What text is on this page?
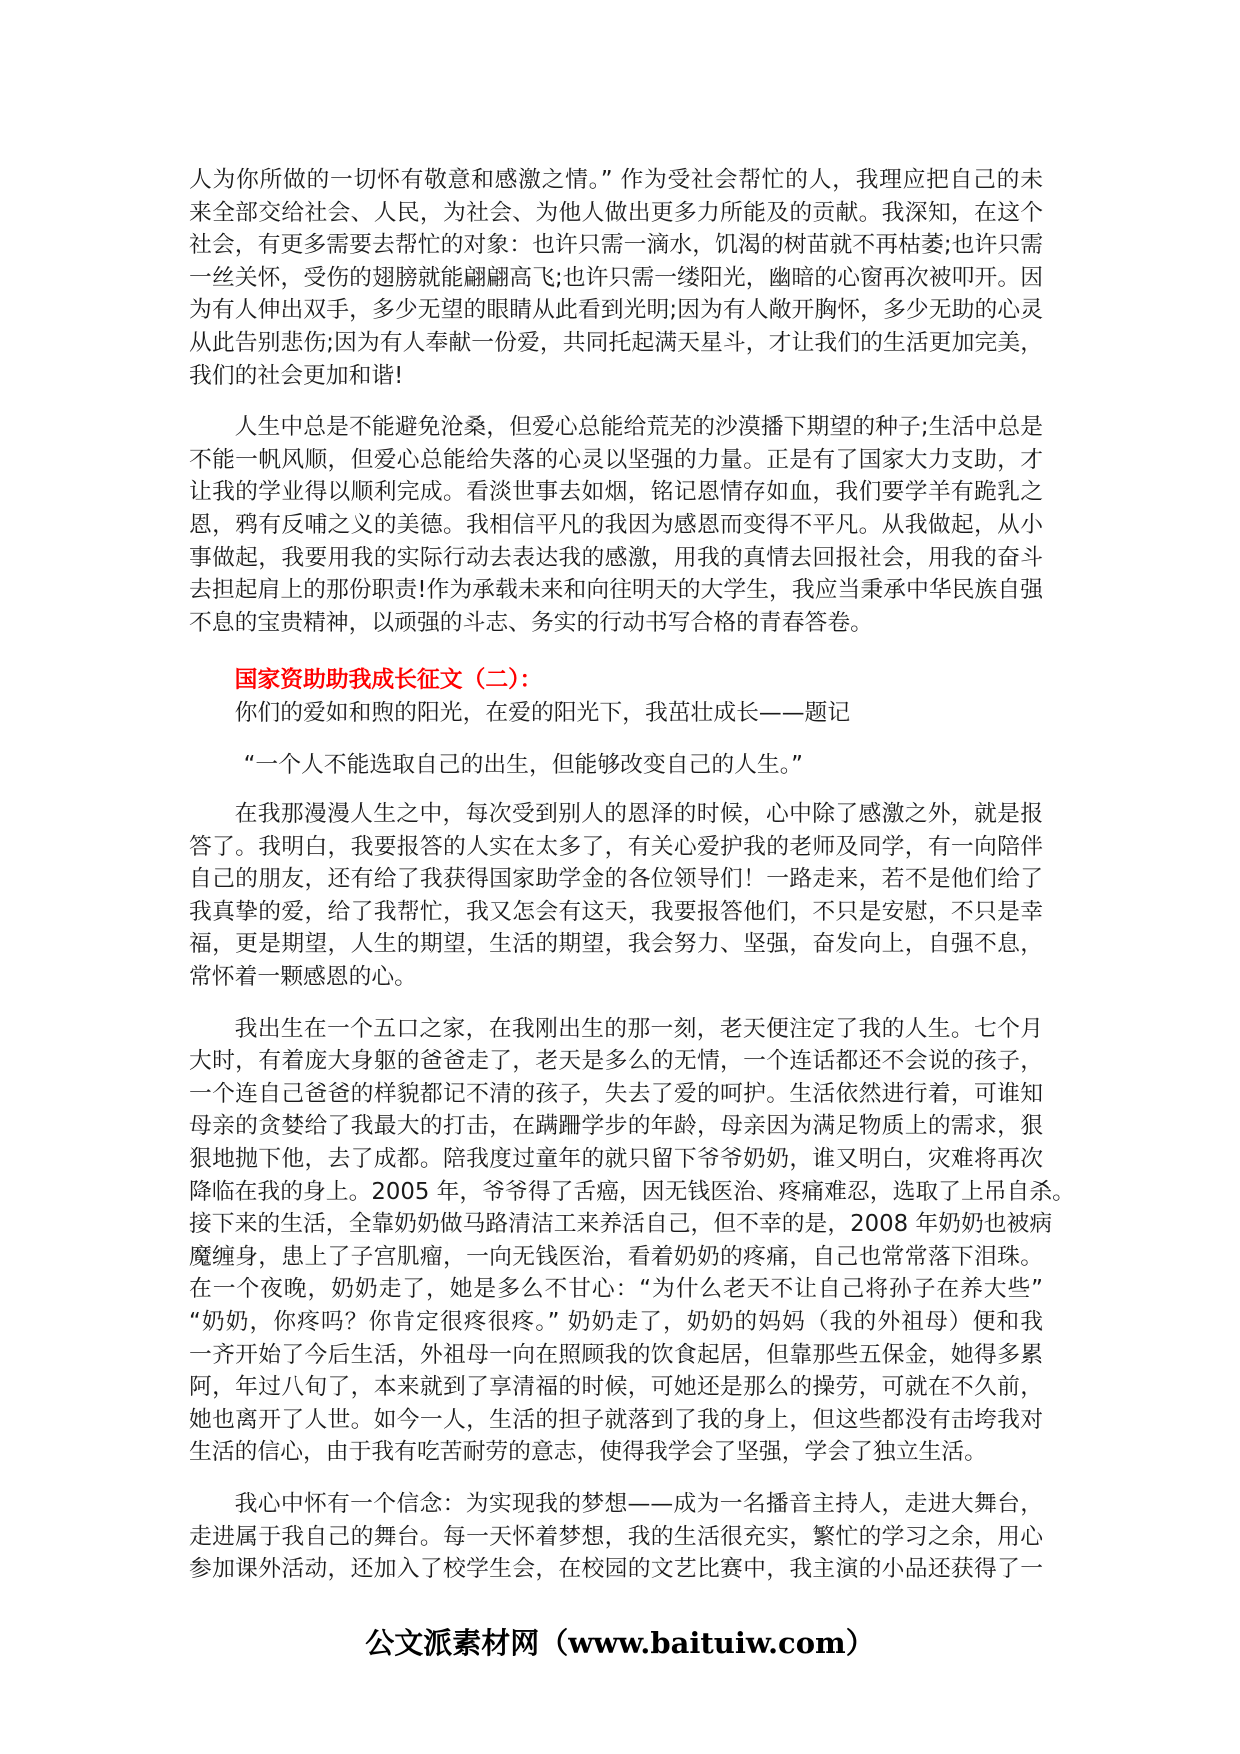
人为你所做的一切怀有敬意和感激之情。” 作为受社会帮忙的人，我理应把自己的未
来全部交给社会、人民，为社会、为他人做出更多力所能及的贡献。我深知，在这个
社会，有更多需要去帮忙的对象：也许只需一滴水，饥渴的树苗就不再枯萎;也许只需
一丝关怀，受伤的翅膀就能翩翩高飞;也许只需一缕阳光，幽暗的心窗再次被叩开。因
为有人伸出双手，多少无望的眼睛从此看到光明;因为有人敞开胸怀，多少无助的心灵
从此告别悲伤;因为有人奉献一份爱，共同托起满天星斗，才让我们的生活更加完美，
我们的社会更加和谐!
人生中总是不能避免沧桑，但爱心总能给荒芜的沙漠播下期望的种子;生活中总是
不能一帆风顺，但爱心总能给失落的心灵以坚强的力量。正是有了国家大力支助，才
让我的学业得以顺利完成。看淡世事去如烟，铭记恩情存如血，我们要学羊有跪乳之
恩，鸦有反哺之义的美德。我相信平凡的我因为感恩而变得不平凡。从我做起，从小
事做起，我要用我的实际行动去表达我的感激，用我的真情去回报社会，用我的奋斗
去担起肩上的那份职责!作为承载未来和向往明天的大学生，我应当秉承中华民族自强
不息的宝贵精神，以顽强的斗志、务实的行动书写合格的青春答卷。
国家资助助我成长征文（二）：
你们的爱如和煦的阳光，在爱的阳光下，我茁壮成长——题记
“一个人不能选取自己的出生，但能够改变自己的人生。”
在我那漫漫人生之中，每次受到别人的恩泽的时候，心中除了感激之外，就是报
答了。我明白，我要报答的人实在太多了，有关心爱护我的老师及同学，有一向陪伴
自己的朋友，还有给了我获得国家助学金的各位领导们！一路走来，若不是他们给了
我真挚的爱，给了我帮忙，我又怎会有这天，我要报答他们，不只是安慰，不只是幸
福，更是期望，人生的期望，生活的期望，我会努力、坚强，奋发向上，自强不息，
常怀着一颗感恩的心。
我出生在一个五口之家，在我刚出生的那一刻，老天便注定了我的人生。七个月
大时，有着庞大身躯的爸爸走了，老天是多么的无情，一个连话都还不会说的孩子，
一个连自己爸爸的样貌都记不清的孩子，失去了爱的呵护。生活依然进行着，可谁知
母亲的贪婪给了我最大的打击，在蹒跚学步的年龄，母亲因为满足物质上的需求，狠
狠地抛下他，去了成都。陪我度过童年的就只留下爷爷奶奶，谁又明白，灾难将再次
降临在我的身上。2005 年，爷爷得了舌癌，因无钱医治、疼痛难忍，选取了上吊自杀。
接下来的生活，全靠奶奶做马路清洁工来养活自己，但不幸的是，2008 年奶奶也被病
魔缠身，患上了子宫肌瘤，一向无钱医治，看着奶奶的疼痛，自己也常常落下泪珠。
在一个夜晚，奶奶走了，她是多么不甘心：“为什么老天不让自己将孙子在养大些”
“奶奶，你疼吗？你肯定很疼很疼。” 奶奶走了，奶奶的妈妈（我的外祖母）便和我
一齐开始了今后生活，外祖母一向在照顾我的饮食起居，但靠那些五保金，她得多累
阿，年过八旬了，本来就到了享清福的时候，可她还是那么的操劳，可就在不久前，
她也离开了人世。如今一人，生活的担子就落到了我的身上，但这些都没有击垮我对
生活的信心，由于我有吃苦耐劳的意志，使得我学会了坚强，学会了独立生活。
我心中怀有一个信念：为实现我的梦想——成为一名播音主持人，走进大舞台，
走进属于我自己的舞台。每一天怀着梦想，我的生活很充实，繁忙的学习之余，用心
参加课外活动，还加入了校学生会，在校园的文艺比赛中，我主演的小品还获得了一
公文派素材网（www.baituiw.com）
